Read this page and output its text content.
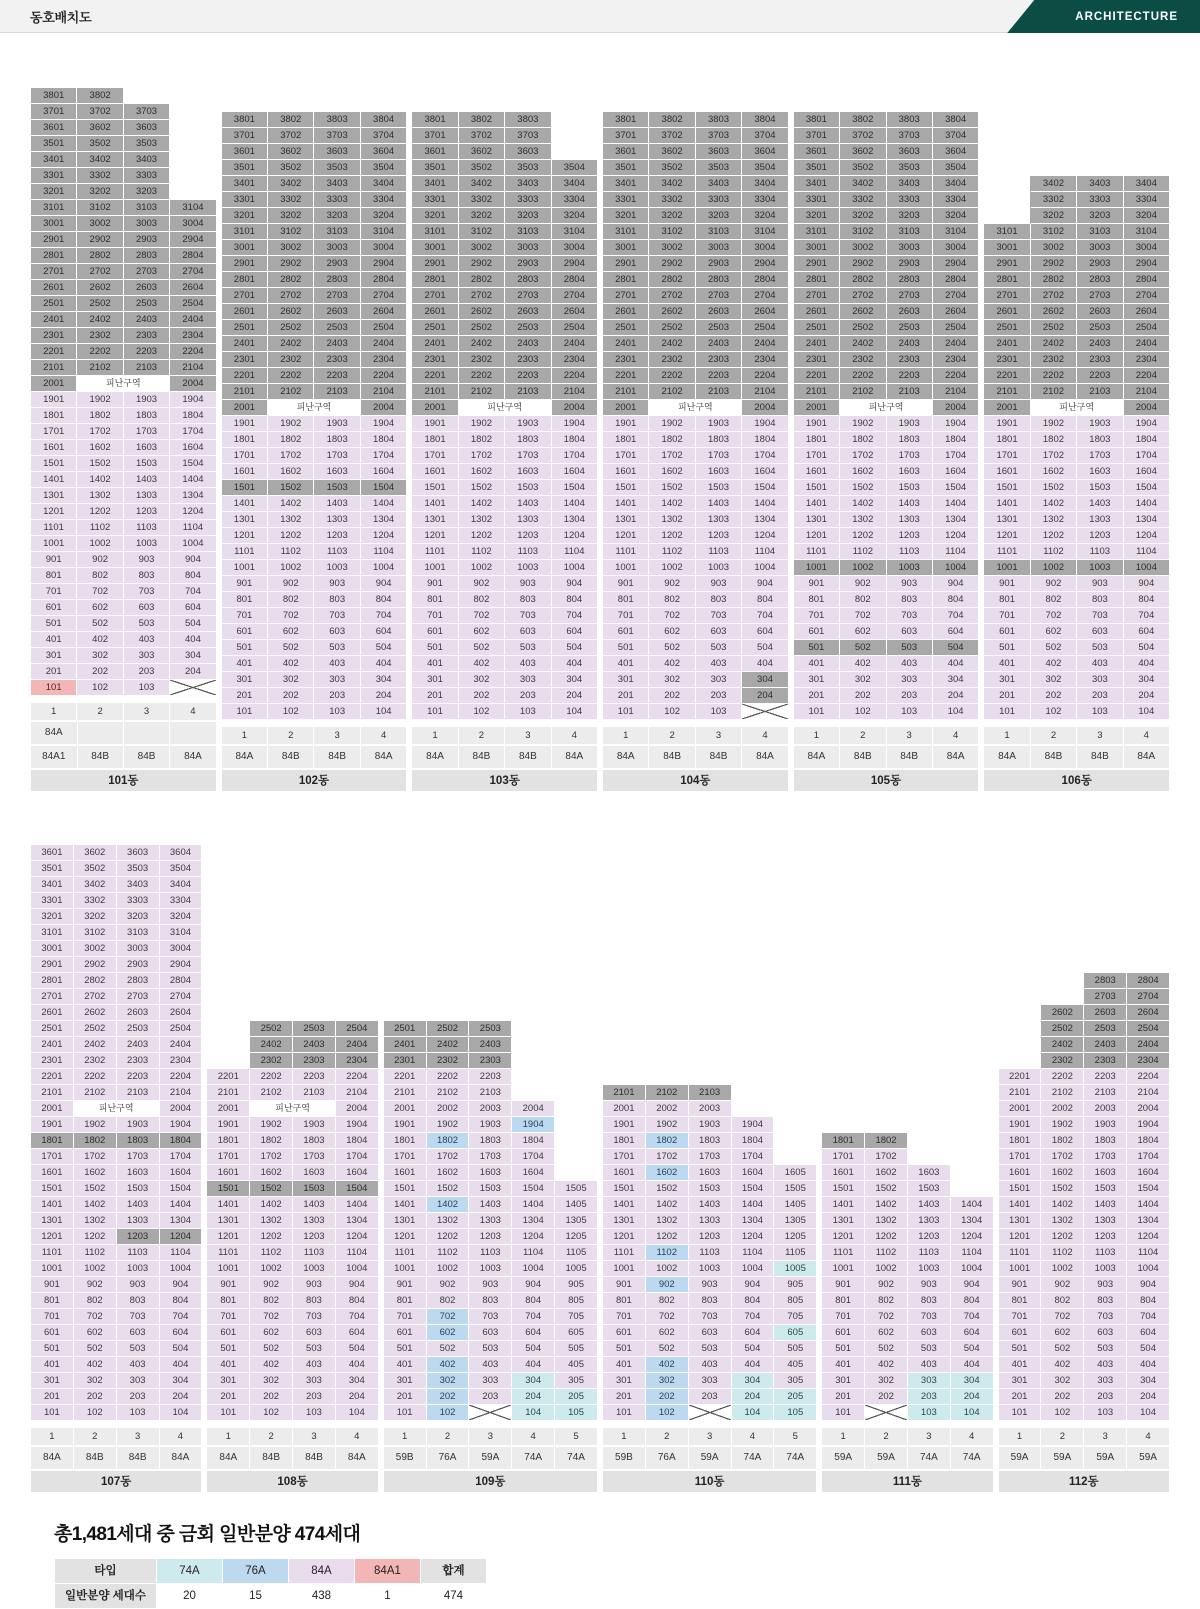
동호배치도	ARCHITECTURE
3801	3802		
3701	3702	3703	
3601	3602	3603	
3501	3502	3503	
3401	3402	3403	
3301	3302	3303	
3201	3202	3203	
3101	3102	3103	3104
3001	3002	3003	3004
2901	2902	2903	2904
2801	2802	2803	2804
2701	2702	2703	2704
2601	2602	2603	2604
2501	2502	2503	2504
2401	2402	2403	2404
2301	2302	2303	2304
2201	2202	2203	2204
2101	2102	2103	2104
2001	피난구역		2004
1901	1902	1903	1904
1801	1802	1803	1804
1701	1702	1703	1704
1601	1602	1603	1604
1501	1502	1503	1504
1401	1402	1403	1404
1301	1302	1303	1304
1201	1202	1203	1204
1101	1102	1103	1104
1001	1002	1003	1004
901	902	903	904
801	802	803	804
701	702	703	704
601	602	603	604
501	502	503	504
401	402	403	404
301	302	303	304
201	202	203	204
101	102	103	
1	2	3	4
84A			
84A1	84B	84B	84A
101동
3801	3802	3803	3804
3701	3702	3703	3704
3601	3602	3603	3604
3501	3502	3503	3504
3401	3402	3403	3404
3301	3302	3303	3304
3201	3202	3203	3204
3101	3102	3103	3104
3001	3002	3003	3004
2901	2902	2903	2904
2801	2802	2803	2804
2701	2702	2703	2704
2601	2602	2603	2604
2501	2502	2503	2504
2401	2402	2403	2404
2301	2302	2303	2304
2201	2202	2203	2204
2101	2102	2103	2104
2001	피난구역		2004
1901	1902	1903	1904
1801	1802	1803	1804
1701	1702	1703	1704
1601	1602	1603	1604
1501	1502	1503	1504
1401	1402	1403	1404
1301	1302	1303	1304
1201	1202	1203	1204
1101	1102	1103	1104
1001	1002	1003	1004
901	902	903	904
801	802	803	804
701	702	703	704
601	602	603	604
501	502	503	504
401	402	403	404
301	302	303	304
201	202	203	204
101	102	103	104
1	2	3	4
84A	84B	84B	84A
102동
3801	3802	3803	
3701	3702	3703	
3601	3602	3603	
3501	3502	3503	3504
3401	3402	3403	3404
3301	3302	3303	3304
3201	3202	3203	3204
3101	3102	3103	3104
3001	3002	3003	3004
2901	2902	2903	2904
2801	2802	2803	2804
2701	2702	2703	2704
2601	2602	2603	2604
2501	2502	2503	2504
2401	2402	2403	2404
2301	2302	2303	2304
2201	2202	2203	2204
2101	2102	2103	2104
2001	피난구역		2004
1901	1902	1903	1904
1801	1802	1803	1804
1701	1702	1703	1704
1601	1602	1603	1604
1501	1502	1503	1504
1401	1402	1403	1404
1301	1302	1303	1304
1201	1202	1203	1204
1101	1102	1103	1104
1001	1002	1003	1004
901	902	903	904
801	802	803	804
701	702	703	704
601	602	603	604
501	502	503	504
401	402	403	404
301	302	303	304
201	202	203	204
101	102	103	104
1	2	3	4
84A	84B	84B	84A
103동
3801	3802	3803	3804
3701	3702	3703	3704
3601	3602	3603	3604
3501	3502	3503	3504
3401	3402	3403	3404
3301	3302	3303	3304
3201	3202	3203	3204
3101	3102	3103	3104
3001	3002	3003	3004
2901	2902	2903	2904
2801	2802	2803	2804
2701	2702	2703	2704
2601	2602	2603	2604
2501	2502	2503	2504
2401	2402	2403	2404
2301	2302	2303	2304
2201	2202	2203	2204
2101	2102	2103	2104
2001	피난구역		2004
1901	1902	1903	1904
1801	1802	1803	1804
1701	1702	1703	1704
1601	1602	1603	1604
1501	1502	1503	1504
1401	1402	1403	1404
1301	1302	1303	1304
1201	1202	1203	1204
1101	1102	1103	1104
1001	1002	1003	1004
901	902	903	904
801	802	803	804
701	702	703	704
601	602	603	604
501	502	503	504
401	402	403	404
301	302	303	304
201	202	203	204
101	102	103	
1	2	3	4
84A	84B	84B	84A
104동
3801	3802	3803	3804
3701	3702	3703	3704
3601	3602	3603	3604
3501	3502	3503	3504
3401	3402	3403	3404
3301	3302	3303	3304
3201	3202	3203	3204
3101	3102	3103	3104
3001	3002	3003	3004
2901	2902	2903	2904
2801	2802	2803	2804
2701	2702	2703	2704
2601	2602	2603	2604
2501	2502	2503	2504
2401	2402	2403	2404
2301	2302	2303	2304
2201	2202	2203	2204
2101	2102	2103	2104
2001	피난구역		2004
1901	1902	1903	1904
1801	1802	1803	1804
1701	1702	1703	1704
1601	1602	1603	1604
1501	1502	1503	1504
1401	1402	1403	1404
1301	1302	1303	1304
1201	1202	1203	1204
1101	1102	1103	1104
1001	1002	1003	1004
901	902	903	904
801	802	803	804
701	702	703	704
601	602	603	604
501	502	503	504
401	402	403	404
301	302	303	304
201	202	203	204
101	102	103	104
1	2	3	4
84A	84B	84B	84A
105동
	3402	3403	3404
	3302	3303	3304
	3202	3203	3204
3101	3102	3103	3104
3001	3002	3003	3004
2901	2902	2903	2904
2801	2802	2803	2804
2701	2702	2703	2704
2601	2602	2603	2604
2501	2502	2503	2504
2401	2402	2403	2404
2301	2302	2303	2304
2201	2202	2203	2204
2101	2102	2103	2104
2001	피난구역		2004
1901	1902	1903	1904
1801	1802	1803	1804
1701	1702	1703	1704
1601	1602	1603	1604
1501	1502	1503	1504
1401	1402	1403	1404
1301	1302	1303	1304
1201	1202	1203	1204
1101	1102	1103	1104
1001	1002	1003	1004
901	902	903	904
801	802	803	804
701	702	703	704
601	602	603	604
501	502	503	504
401	402	403	404
301	302	303	304
201	202	203	204
101	102	103	104
1	2	3	4
84A	84B	84B	84A
106동
3601	3602	3603	3604
3501	3502	3503	3504
3401	3402	3403	3404
3301	3302	3303	3304
3201	3202	3203	3204
3101	3102	3103	3104
3001	3002	3003	3004
2901	2902	2903	2904
2801	2802	2803	2804
2701	2702	2703	2704
2601	2602	2603	2604
2501	2502	2503	2504
2401	2402	2403	2404
2301	2302	2303	2304
2201	2202	2203	2204
2101	2102	2103	2104
2001	피난구역		2004
1901	1902	1903	1904
1801	1802	1803	1804
1701	1702	1703	1704
1601	1602	1603	1604
1501	1502	1503	1504
1401	1402	1403	1404
1301	1302	1303	1304
1201	1202	1203	1204
1101	1102	1103	1104
1001	1002	1003	1004
901	902	903	904
801	802	803	804
701	702	703	704
601	602	603	604
501	502	503	504
401	402	403	404
301	302	303	304
201	202	203	204
101	102	103	104
1	2	3	4
84A	84B	84B	84A
107동
	2502	2503	2504
	2402	2403	2404
	2302	2303	2304
2201	2202	2203	2204
2101	2102	2103	2104
2001	피난구역		2004
1901	1902	1903	1904
1801	1802	1803	1804
1701	1702	1703	1704
1601	1602	1603	1604
1501	1502	1503	1504
1401	1402	1403	1404
1301	1302	1303	1304
1201	1202	1203	1204
1101	1102	1103	1104
1001	1002	1003	1004
901	902	903	904
801	802	803	804
701	702	703	704
601	602	603	604
501	502	503	504
401	402	403	404
301	302	303	304
201	202	203	204
101	102	103	104
1	2	3	4
84A	84B	84B	84A
108동
2501	2502	2503		
2401	2402	2403		
2301	2302	2303		
2201	2202	2203		
2101	2102	2103		
2001	2002	2003	2004	
1901	1902	1903	1904	
1801	1802	1803	1804	
1701	1702	1703	1704	
1601	1602	1603	1604	
1501	1502	1503	1504	1505
1401	1402	1403	1404	1405
1301	1302	1303	1304	1305
1201	1202	1203	1204	1205
1101	1102	1103	1104	1105
1001	1002	1003	1004	1005
901	902	903	904	905
801	802	803	804	805
701	702	703	704	705
601	602	603	604	605
501	502	503	504	505
401	402	403	404	405
301	302	303	304	305
201	202	203	204	205
101	102		104	105
1	2	3	4	5
59B	76A	59A	74A	74A
109동
2101	2102	2103		
2001	2002	2003		
1901	1902	1903	1904	
1801	1802	1803	1804	
1701	1702	1703	1704	
1601	1602	1603	1604	1605
1501	1502	1503	1504	1505
1401	1402	1403	1404	1405
1301	1302	1303	1304	1305
1201	1202	1203	1204	1205
1101	1102	1103	1104	1105
1001	1002	1003	1004	1005
901	902	903	904	905
801	802	803	804	805
701	702	703	704	705
601	602	603	604	605
501	502	503	504	505
401	402	403	404	405
301	302	303	304	305
201	202	203	204	205
101	102		104	105
1	2	3	4	5
59B	76A	59A	74A	74A
110동
1801	1802		
1701	1702		
1601	1602	1603	
1501	1502	1503	
1401	1402	1403	1404
1301	1302	1303	1304
1201	1202	1203	1204
1101	1102	1103	1104
1001	1002	1003	1004
901	902	903	904
801	802	803	804
701	702	703	704
601	602	603	604
501	502	503	504
401	402	403	404
301	302	303	304
201	202	203	204
101		103	104
1	2	3	4
59A	59A	74A	74A
111동
		2803	2804
		2703	2704
	2602	2603	2604
	2502	2503	2504
	2402	2403	2404
	2302	2303	2304
2201	2202	2203	2204
2101	2102	2103	2104
2001	2002	2003	2004
1901	1902	1903	1904
1801	1802	1803	1804
1701	1702	1703	1704
1601	1602	1603	1604
1501	1502	1503	1504
1401	1402	1403	1404
1301	1302	1303	1304
1201	1202	1203	1204
1101	1102	1103	1104
1001	1002	1003	1004
901	902	903	904
801	802	803	804
701	702	703	704
601	602	603	604
501	502	503	504
401	402	403	404
301	302	303	304
201	202	203	204
101	102	103	104
1	2	3	4
59A	59A	59A	59A
112동
총1,481세대 중 금회 일반분양 474세대
타입	74A	76A	84A	84A1	합계
일반분양 세대수	20	15	438	1	474
